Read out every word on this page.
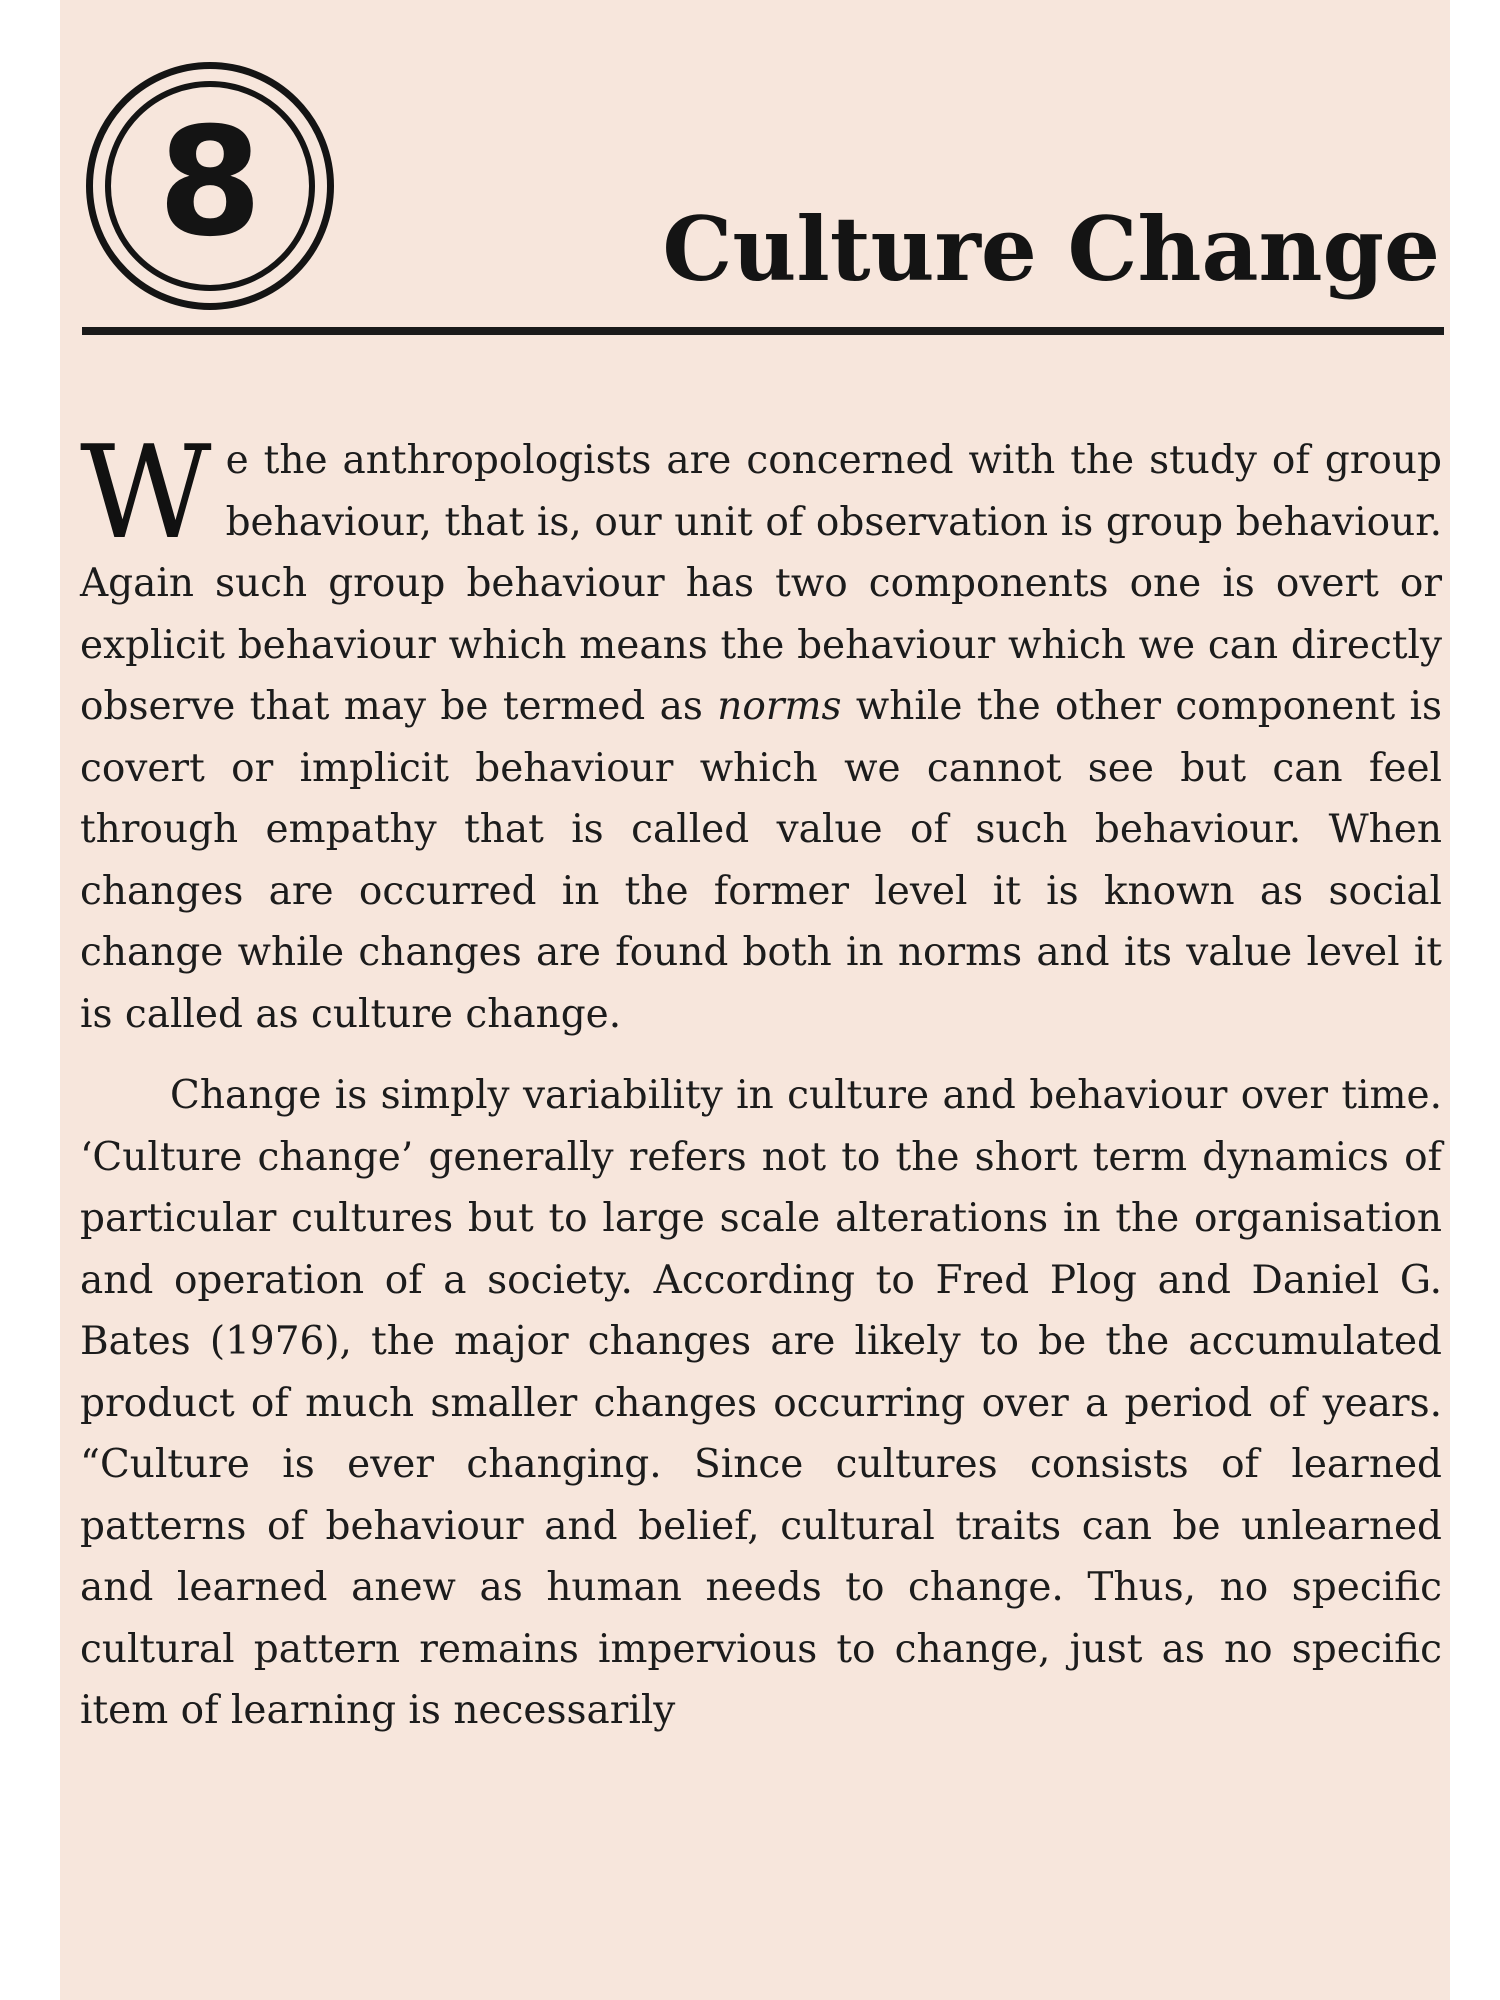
8	Culture Change

We the anthropologists are concerned with the study of group behaviour, that is, our unit of observation is group behaviour. Again such group behaviour has two components one is overt or explicit behaviour which means the behaviour which we can directly observe that may be termed as norms while the other component is covert or implicit behaviour which we cannot see but can feel through empathy that is called value of such behaviour. When changes are occurred in the former level it is known as social change while changes are found both in norms and its value level it is called as culture change.

Change is simply variability in culture and behaviour over time. ‘Culture change’ generally refers not to the short term dynamics of particular cultures but to large scale alterations in the organisation and operation of a society. According to Fred Plog and Daniel G. Bates (1976), the major changes are likely to be the accumulated product of much smaller changes occurring over a period of years. “Culture is ever changing. Since cultures consists of learned patterns of behaviour and belief, cultural traits can be unlearned and learned anew as human needs to change. Thus, no specific cultural pattern remains impervious to change, just as no specific item of learning is necessarily
